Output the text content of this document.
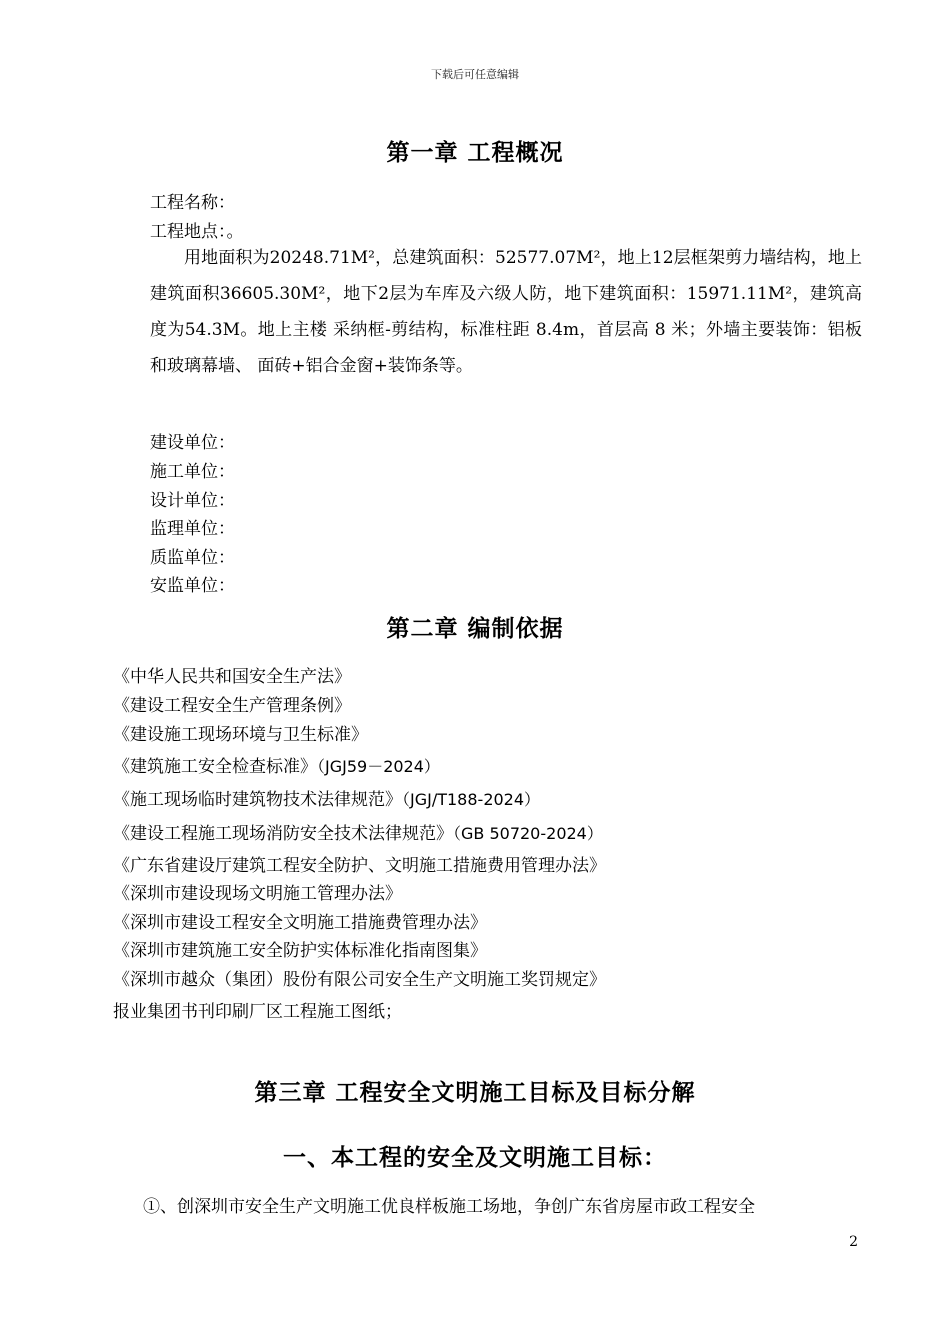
下载后可任意编辑
第一章 工程概况
工程名称：
工程地点：。
用地面积为20248.71M²，总建筑面积：52577.07M²，地上12层框架剪力墙结构，地上建筑面积36605.30M²，地下2层为车库及六级人防，地下建筑面积：15971.11M²，建筑高度为54.3M。地上主楼 采纳框-剪结构，标准柱距 8.4m，首层高 8 米；外墙主要装饰：铝板和玻璃幕墙、 面砖+铝合金窗+装饰条等。
建设单位：
施工单位：
设计单位：
监理单位：
质监单位：
安监单位：
第二章 编制依据
《中华人民共和国安全生产法》
《建设工程安全生产管理条例》
《建设施工现场环境与卫生标准》
《建筑施工安全检查标准》（JGJ59－2024）
《施工现场临时建筑物技术法律规范》（JGJ/T188-2024）
《建设工程施工现场消防安全技术法律规范》（GB 50720-2024）
《广东省建设厅建筑工程安全防护、文明施工措施费用管理办法》
《深圳市建设现场文明施工管理办法》
《深圳市建设工程安全文明施工措施费管理办法》
《深圳市建筑施工安全防护实体标准化指南图集》
《深圳市越众（集团）股份有限公司安全生产文明施工奖罚规定》
报业集团书刊印刷厂区工程施工图纸；
第三章 工程安全文明施工目标及目标分解
一、本工程的安全及文明施工目标：
①、创深圳市安全生产文明施工优良样板施工场地，争创广东省房屋市政工程安全
2
